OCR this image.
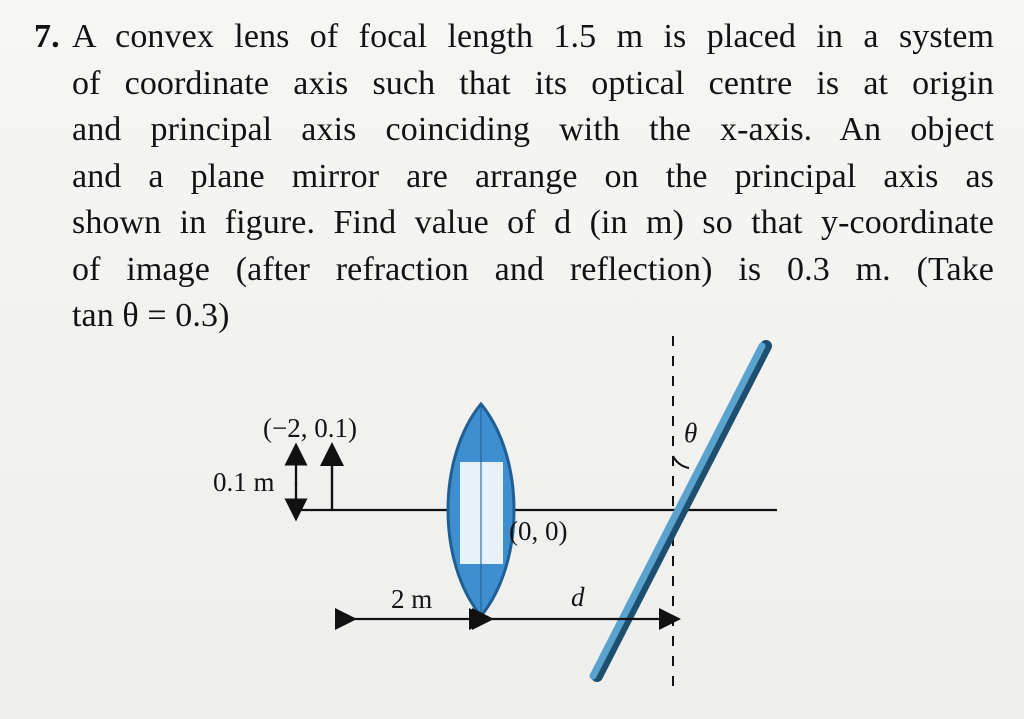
7. A convex lens of focal length 1.5 m is placed in a system
of coordinate axis such that its optical centre is at origin
and principal axis coinciding with the x-axis. An object
and a plane mirror are arrange on the principal axis as
shown in figure. Find value of d (in m) so that y-coordinate
of image (after refraction and reflection) is 0.3 m. (Take
tan θ = 0.3)
(−2, 0.1)
0.1 m
(0, 0)
2 m	d
θ
